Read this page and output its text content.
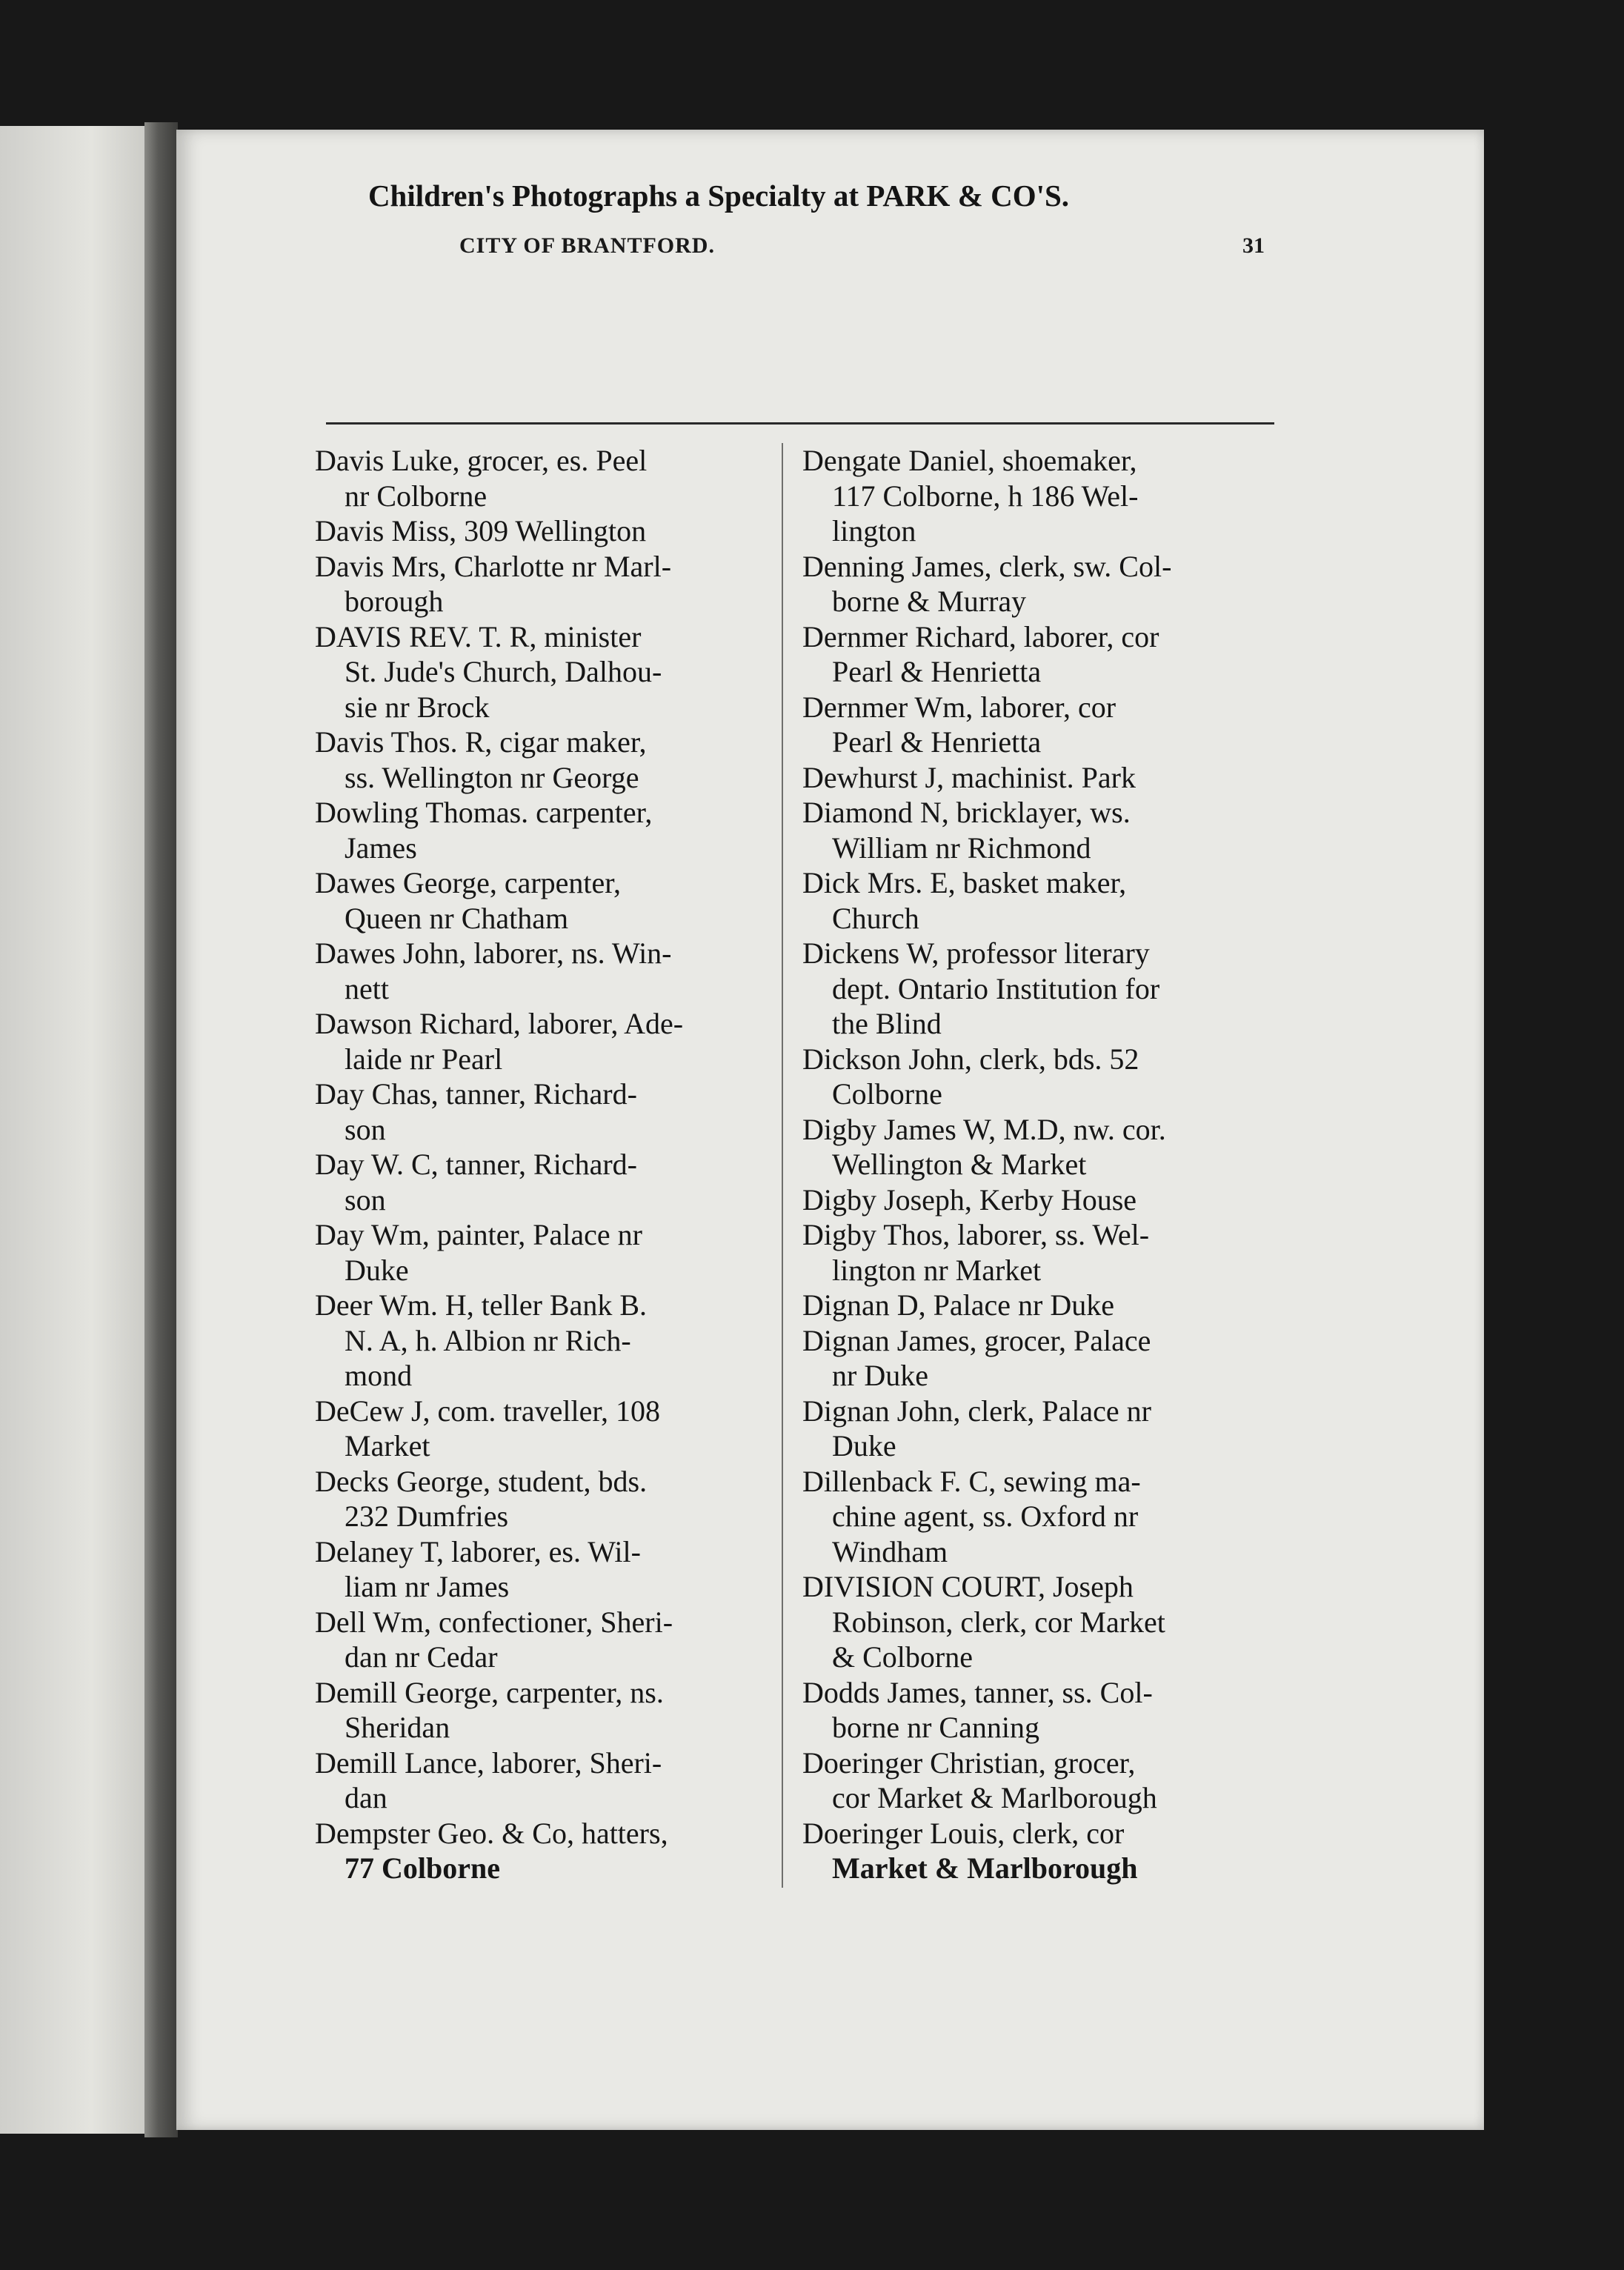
Children's Photographs a Specialty at PARK & CO'S.
CITY OF BRANTFORD.	31
Davis Luke, grocer, es. Peel
nr Colborne
Davis Miss, 309 Wellington
Davis Mrs, Charlotte nr Marl-
borough
DAVIS REV. T. R, minister
St. Jude's Church, Dalhou-
sie nr Brock
Davis Thos. R, cigar maker,
ss. Wellington nr George
Dowling Thomas. carpenter,
James
Dawes George, carpenter,
Queen nr Chatham
Dawes John, laborer, ns. Win-
nett
Dawson Richard, laborer, Ade-
laide nr Pearl
Day Chas, tanner, Richard-
son
Day W. C, tanner, Richard-
son
Day Wm, painter, Palace nr
Duke
Deer Wm. H, teller Bank B.
N. A, h. Albion nr Rich-
mond
DeCew J, com. traveller, 108
Market
Decks George, student, bds.
232 Dumfries
Delaney T, laborer, es. Wil-
liam nr James
Dell Wm, confectioner, Sheri-
dan nr Cedar
Demill George, carpenter, ns.
Sheridan
Demill Lance, laborer, Sheri-
dan
Dempster Geo. & Co, hatters,
77 Colborne
Dengate Daniel, shoemaker,
117 Colborne, h 186 Wel-
lington
Denning James, clerk, sw. Col-
borne & Murray
Dernmer Richard, laborer, cor
Pearl & Henrietta
Dernmer Wm, laborer, cor
Pearl & Henrietta
Dewhurst J, machinist. Park
Diamond N, bricklayer, ws.
William nr Richmond
Dick Mrs. E, basket maker,
Church
Dickens W, professor literary
dept. Ontario Institution for
the Blind
Dickson John, clerk, bds. 52
Colborne
Digby James W, M.D, nw. cor.
Wellington & Market
Digby Joseph, Kerby House
Digby Thos, laborer, ss. Wel-
lington nr Market
Dignan D, Palace nr Duke
Dignan James, grocer, Palace
nr Duke
Dignan John, clerk, Palace nr
Duke
Dillenback F. C, sewing ma-
chine agent, ss. Oxford nr
Windham
DIVISION COURT, Joseph
Robinson, clerk, cor Market
& Colborne
Dodds James, tanner, ss. Col-
borne nr Canning
Doeringer Christian, grocer,
cor Market & Marlborough
Doeringer Louis, clerk, cor
Market & Marlborough
